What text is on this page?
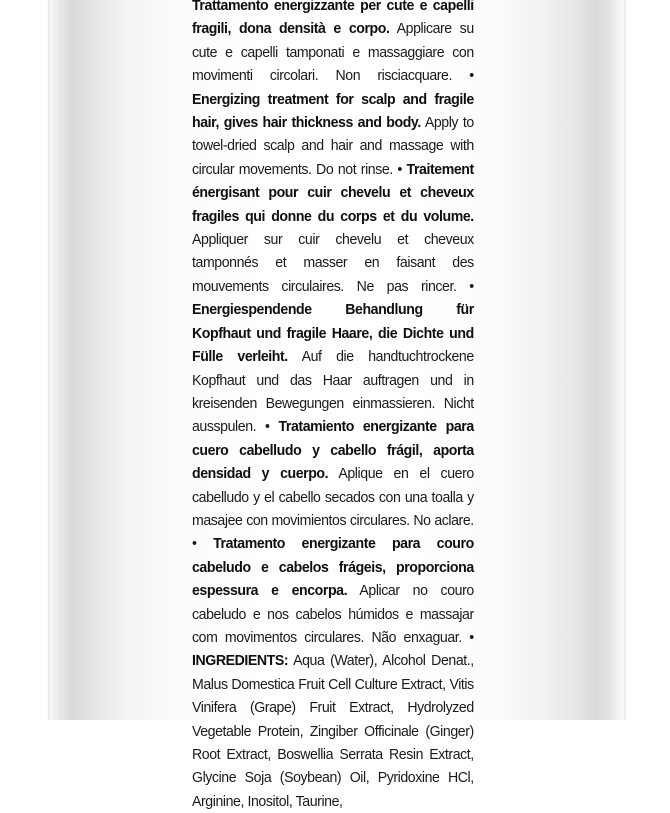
Trattamento energizzante per cute e capelli fragili, dona densità e corpo. Applicare su cute e capelli tamponati e massaggiare con movimenti circolari. Non risciacquare. • Energizing treatment for scalp and fragile hair, gives hair thickness and body. Apply to towel-dried scalp and hair and massage with circular movements. Do not rinse. • Traitement énergisant pour cuir chevelu et cheveux fragiles qui donne du corps et du volume. Appliquer sur cuir chevelu et cheveux tamponnés et masser en faisant des mouvements circulaires. Ne pas rincer. • Energiespendende Behandlung für Kopfhaut und fragile Haare, die Dichte und Fülle verleiht. Auf die handtuchtrockene Kopfhaut und das Haar auftragen und in kreisenden Bewegungen einmassieren. Nicht ausspulen. • Tratamiento energizante para cuero cabelludo y cabello frágil, aporta densidad y cuerpo. Aplique en el cuero cabelludo y el cabello secados con una toalla y masajee con movimientos circulares. No aclare. • Tratamento energizante para couro cabeludo e cabelos frágeis, proporciona espessura e encorpa. Aplicar no couro cabeludo e nos cabelos húmidos e massajar com movimentos circulares. Não enxaguar. • INGREDIENTS: Aqua (Water), Alcohol Denat., Malus Domestica Fruit Cell Culture Extract, Vitis Vinifera (Grape) Fruit Extract, Hydrolyzed Vegetable Protein, Zingiber Officinale (Ginger) Root Extract, Boswellia Serrata Resin Extract, Glycine Soja (Soybean) Oil, Pyridoxine HCl, Arginine, Inositol, Taurine,
